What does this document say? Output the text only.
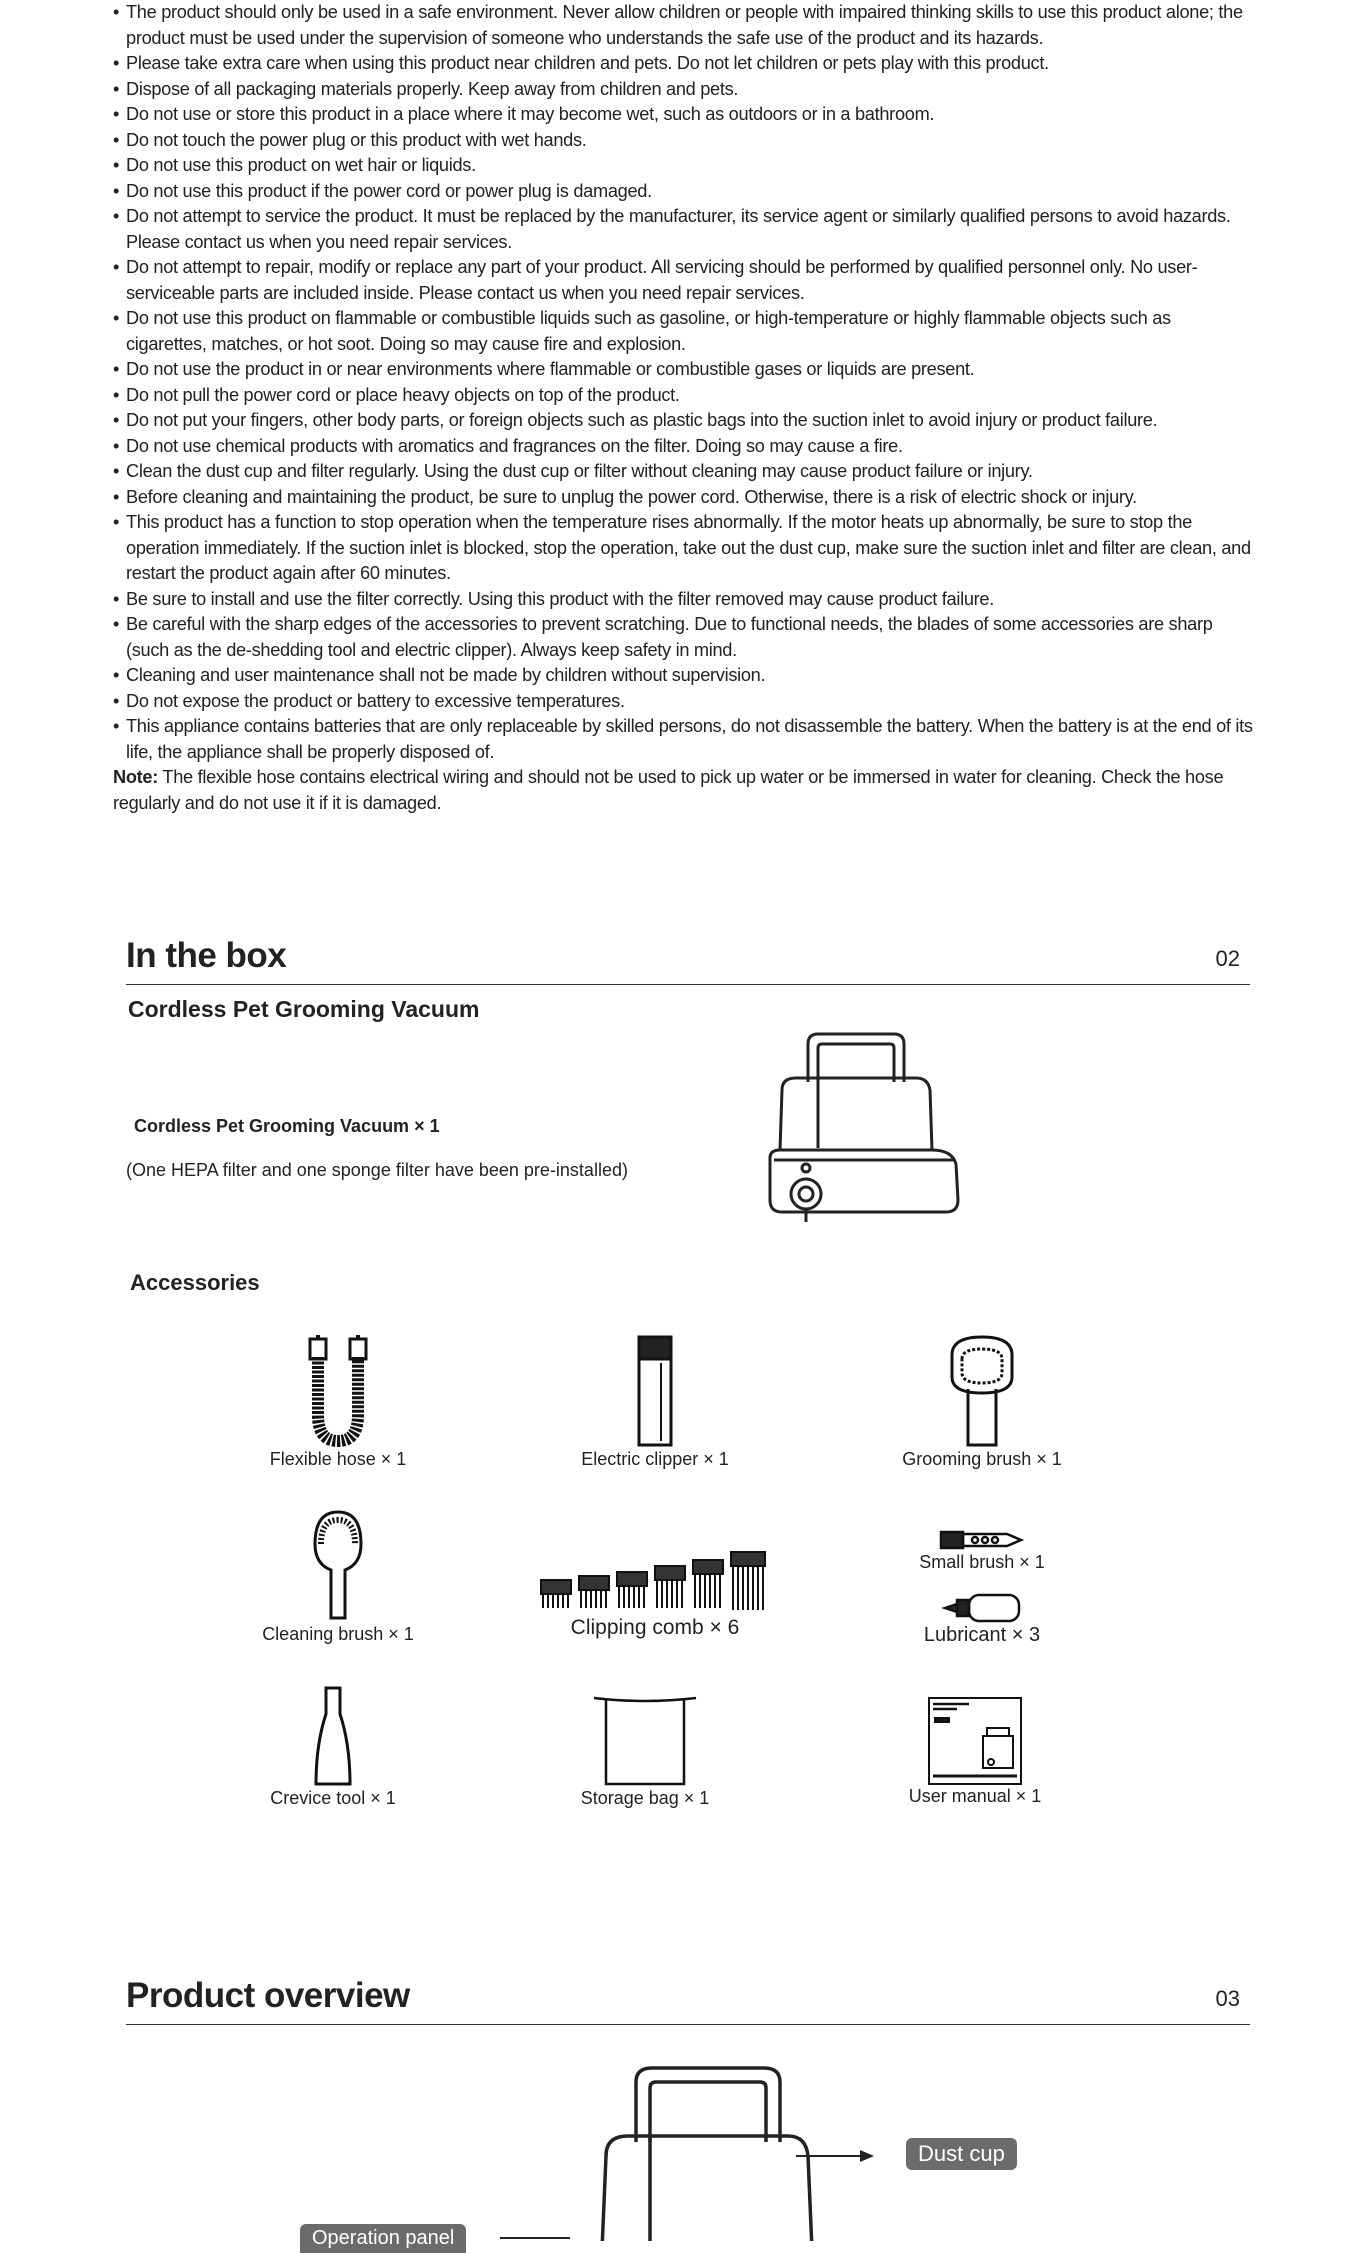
• The product should only be used in a safe environment. Never allow children or people with impaired thinking skills to use this product alone; the product must be used under the supervision of someone who understands the safe use of the product and its hazards.
• Please take extra care when using this product near children and pets. Do not let children or pets play with this product.
• Dispose of all packaging materials properly. Keep away from children and pets.
• Do not use or store this product in a place where it may become wet, such as outdoors or in a bathroom.
• Do not touch the power plug or this product with wet hands.
• Do not use this product on wet hair or liquids.
• Do not use this product if the power cord or power plug is damaged.
• Do not attempt to service the product. It must be replaced by the manufacturer, its service agent or similarly qualified persons to avoid hazards. Please contact us when you need repair services.
• Do not attempt to repair, modify or replace any part of your product. All servicing should be performed by qualified personnel only. No user-serviceable parts are included inside. Please contact us when you need repair services.
• Do not use this product on flammable or combustible liquids such as gasoline, or high-temperature or highly flammable objects such as cigarettes, matches, or hot soot. Doing so may cause fire and explosion.
• Do not use the product in or near environments where flammable or combustible gases or liquids are present.
• Do not pull the power cord or place heavy objects on top of the product.
• Do not put your fingers, other body parts, or foreign objects such as plastic bags into the suction inlet to avoid injury or product failure.
• Do not use chemical products with aromatics and fragrances on the filter. Doing so may cause a fire.
• Clean the dust cup and filter regularly. Using the dust cup or filter without cleaning may cause product failure or injury.
• Before cleaning and maintaining the product, be sure to unplug the power cord. Otherwise, there is a risk of electric shock or injury.
• This product has a function to stop operation when the temperature rises abnormally. If the motor heats up abnormally, be sure to stop the operation immediately. If the suction inlet is blocked, stop the operation, take out the dust cup, make sure the suction inlet and filter are clean, and restart the product again after 60 minutes.
• Be sure to install and use the filter correctly. Using this product with the filter removed may cause product failure.
• Be careful with the sharp edges of the accessories to prevent scratching. Due to functional needs, the blades of some accessories are sharp (such as the de-shedding tool and electric clipper). Always keep safety in mind.
• Cleaning and user maintenance shall not be made by children without supervision.
• Do not expose the product or battery to excessive temperatures.
• This appliance contains batteries that are only replaceable by skilled persons, do not disassemble the battery. When the battery is at the end of its life, the appliance shall be properly disposed of.

Note: The flexible hose contains electrical wiring and should not be used to pick up water or be immersed in water for cleaning. Check the hose regularly and do not use it if it is damaged.

In the box	02
Cordless Pet Grooming Vacuum
Cordless Pet Grooming Vacuum × 1
(One HEPA filter and one sponge filter have been pre-installed)
Accessories
Flexible hose × 1	Electric clipper × 1	Grooming brush × 1
Cleaning brush × 1	Clipping comb × 6
Small brush × 1
Lubricant × 3
Crevice tool × 1	Storage bag × 1	User manual × 1
Product overview	03
Dust cup
Operation panel
